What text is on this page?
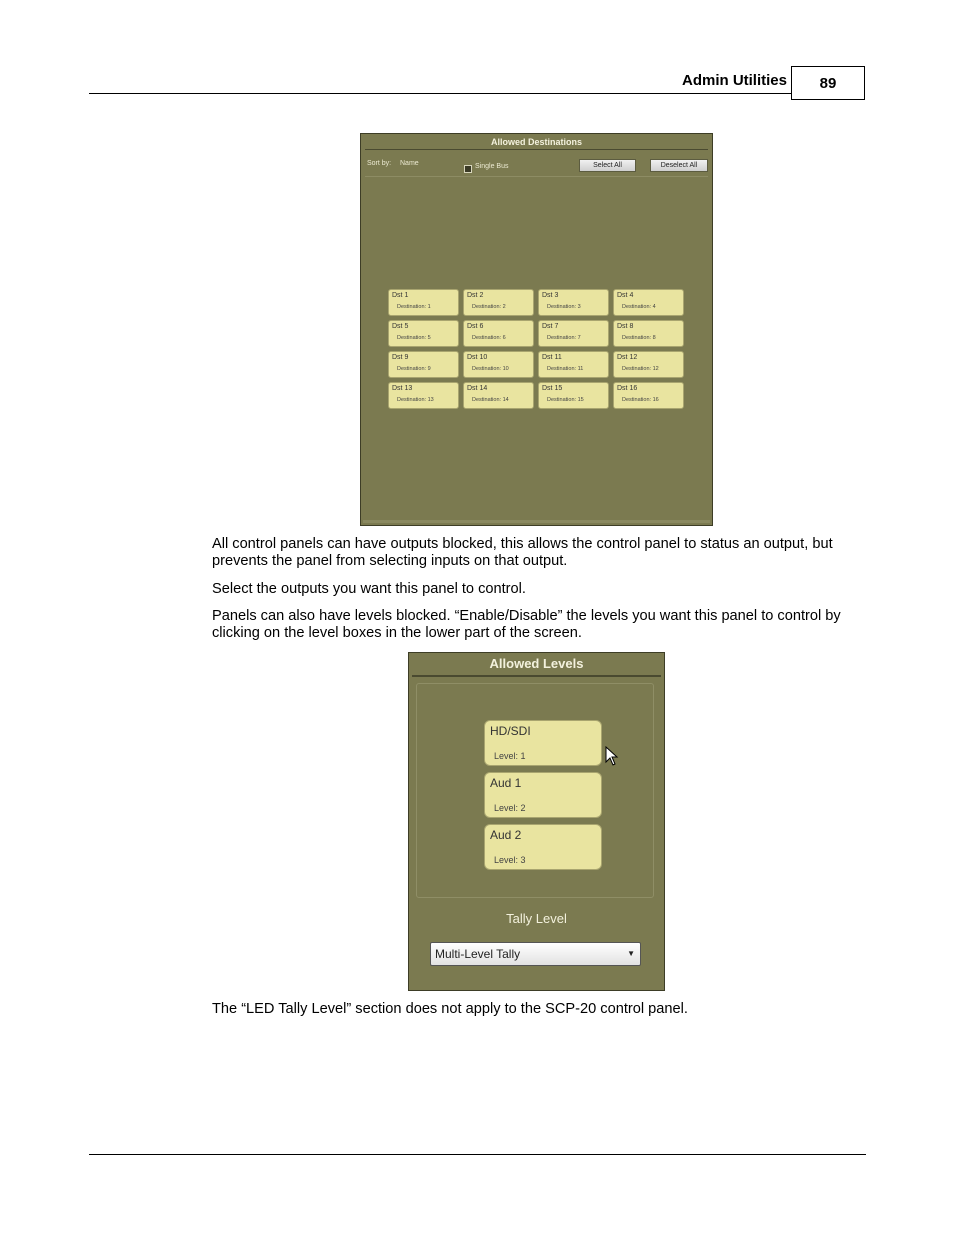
Admin Utilities 89
Allowed Destinations
Sort by: Name	Single Bus	Select All	Deselect All
Dst 1
Destination: 1
Dst 2
Destination: 2
Dst 3
Destination: 3
Dst 4
Destination: 4
Dst 5
Destination: 5
Dst 6
Destination: 6
Dst 7
Destination: 7
Dst 8
Destination: 8
Dst 9
Destination: 9
Dst 10
Destination: 10
Dst 11
Destination: 11
Dst 12
Destination: 12
Dst 13
Destination: 13
Dst 14
Destination: 14
Dst 15
Destination: 15
Dst 16
Destination: 16
All control panels can have outputs blocked, this allows the control panel to status an output, but prevents the panel from selecting inputs on that output.
Select the outputs you want this panel to control.
Panels can also have levels blocked. “Enable/Disable” the levels you want this panel to control by clicking on the level boxes in the lower part of the screen.
Allowed Levels
HD/SDI
Level: 1
Aud 1
Level: 2
Aud 2
Level: 3
Tally Level
Multi-Level Tally	▼
The “LED Tally Level” section does not apply to the SCP-20 control panel.
